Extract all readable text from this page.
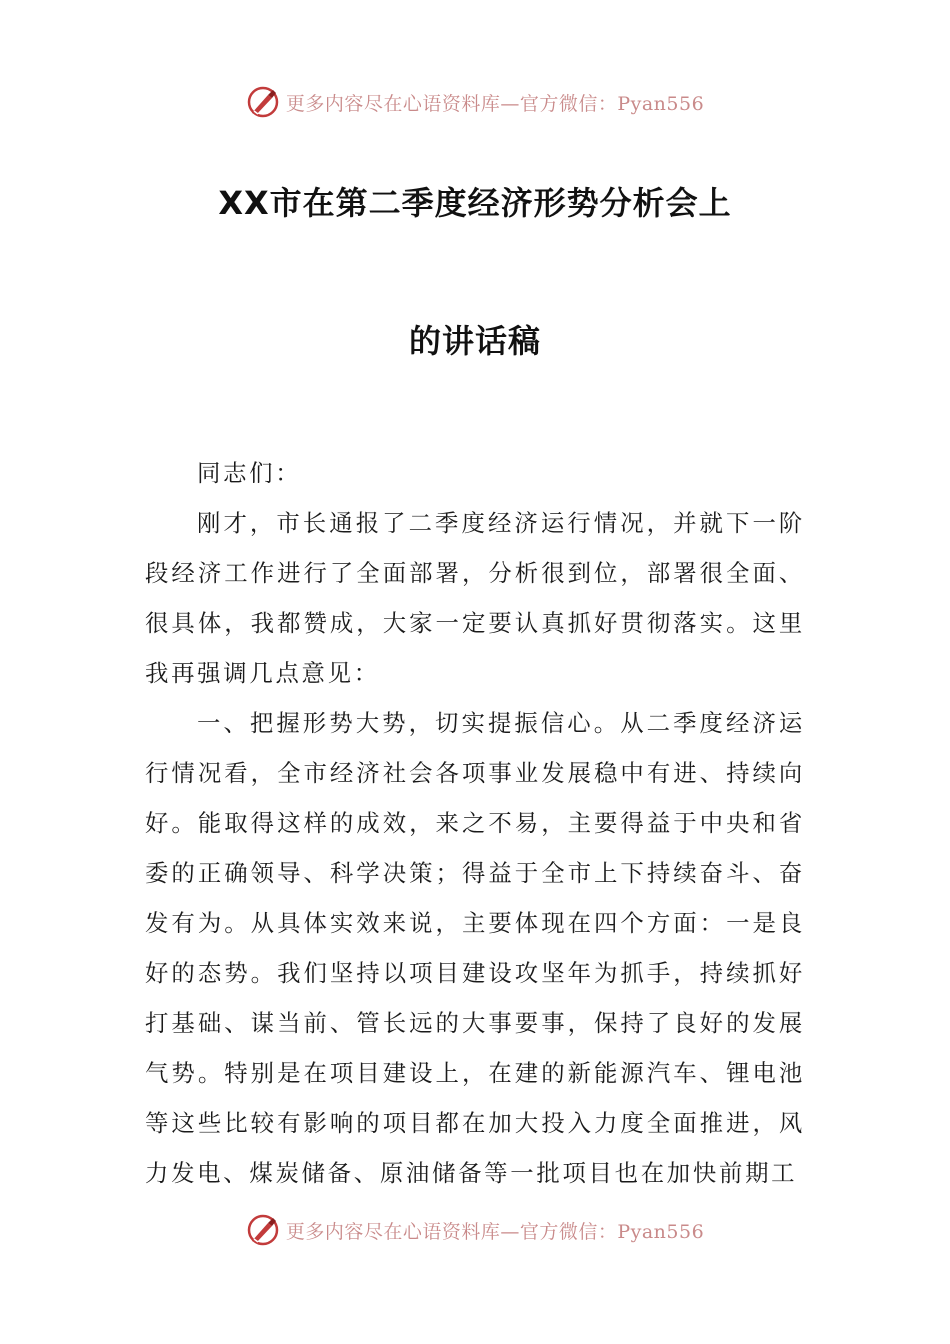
更多内容尽在心语资料库—官方微信：Pyan556
XX市在第二季度经济形势分析会上
的讲话稿

同志们：

刚才，市长通报了二季度经济运行情况，并就下一阶段经济工作进行了全面部署，分析很到位，部署很全面、很具体，我都赞成，大家一定要认真抓好贯彻落实。这里我再强调几点意见：

一、把握形势大势，切实提振信心。从二季度经济运行情况看，全市经济社会各项事业发展稳中有进、持续向好。能取得这样的成效，来之不易，主要得益于中央和省委的正确领导、科学决策；得益于全市上下持续奋斗、奋发有为。从具体实效来说，主要体现在四个方面：一是良好的态势。我们坚持以项目建设攻坚年为抓手，持续抓好打基础、谋当前、管长远的大事要事，保持了良好的发展气势。特别是在项目建设上，在建的新能源汽车、锂电池等这些比较有影响的项目都在加大投入力度全面推进，风力发电、煤炭储备、原油储备等一批项目也在加快前期工

更多内容尽在心语资料库—官方微信：Pyan556
